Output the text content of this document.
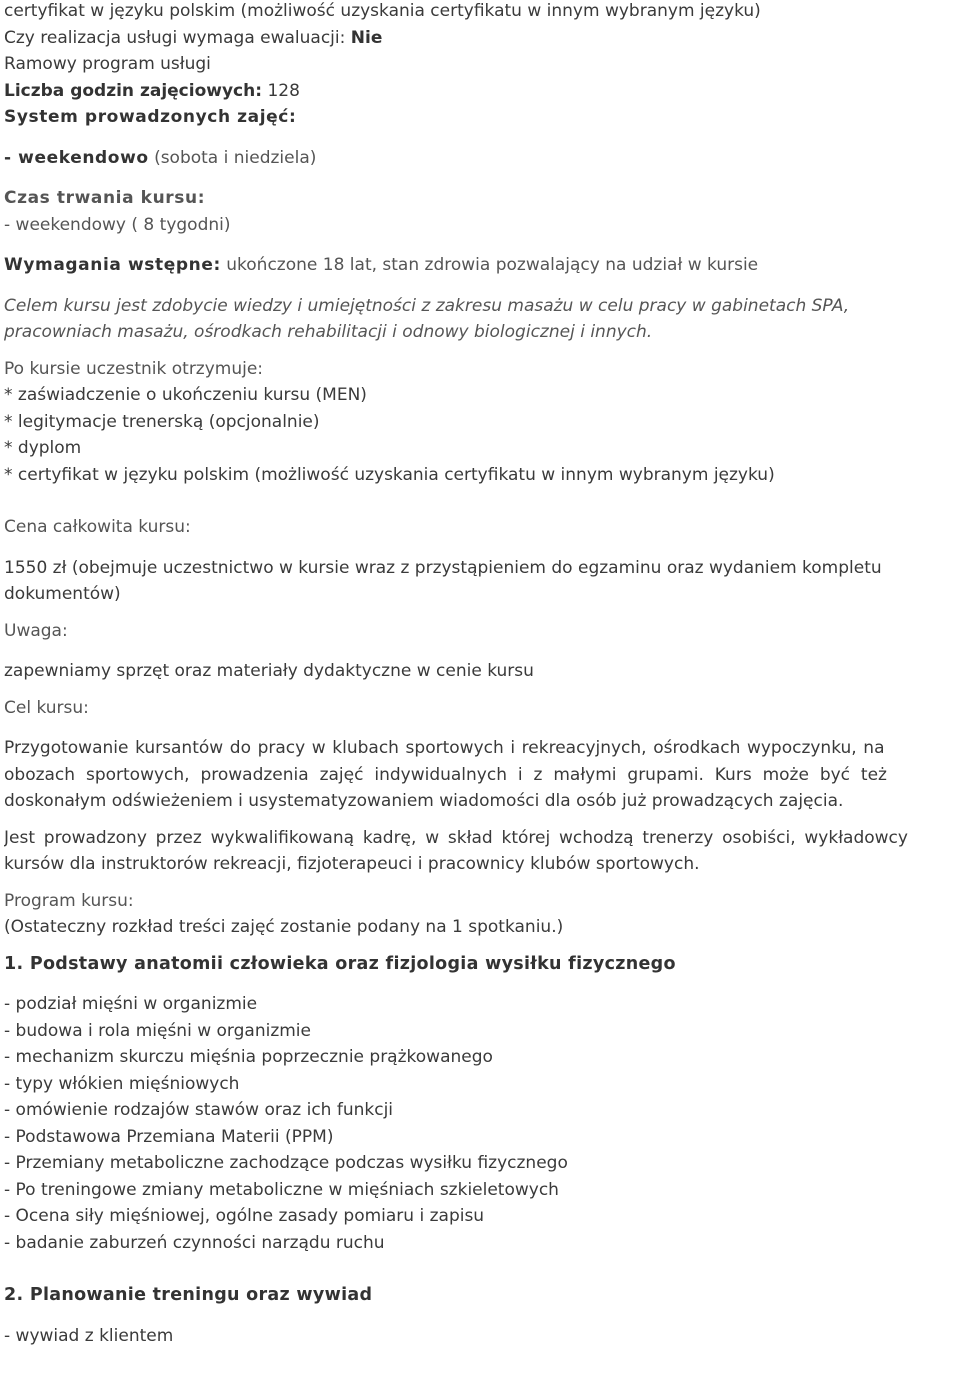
certyfikat w języku polskim (możliwość uzyskania certyfikatu w innym wybranym języku)
Czy realizacja usługi wymaga ewaluacji: Nie
Ramowy program usługi
Liczba godzin zajęciowych: 128
System prowadzonych zajęć:
- weekendowo (sobota i niedziela)
Czas trwania kursu:
- weekendowy ( 8 tygodni)
Wymagania wstępne: ukończone 18 lat, stan zdrowia pozwalający na udział w kursie
Celem kursu jest zdobycie wiedzy i umiejętności z zakresu masażu w celu pracy w gabinetach SPA,
pracowniach masażu, ośrodkach rehabilitacji i odnowy biologicznej i innych.
Po kursie uczestnik otrzymuje:
* zaświadczenie o ukończeniu kursu (MEN)
* legitymacje trenerską (opcjonalnie)
* dyplom
* certyfikat w języku polskim (możliwość uzyskania certyfikatu w innym wybranym języku)
Cena całkowita kursu:
1550 zł (obejmuje uczestnictwo w kursie wraz z przystąpieniem do egzaminu oraz wydaniem kompletu
dokumentów)
Uwaga:
zapewniamy sprzęt oraz materiały dydaktyczne w cenie kursu
Cel kursu:
Przygotowanie kursantów do pracy w klubach sportowych i rekreacyjnych, ośrodkach wypoczynku, na
obozach sportowych, prowadzenia zajęć indywidualnych i z małymi grupami. Kurs może być też
doskonałym odświeżeniem i usystematyzowaniem wiadomości dla osób już prowadzących zajęcia.
Jest prowadzony przez wykwalifikowaną kadrę, w skład której wchodzą trenerzy osobiści, wykładowcy
kursów dla instruktorów rekreacji, fizjoterapeuci i pracownicy klubów sportowych.
Program kursu:
(Ostateczny rozkład treści zajęć zostanie podany na 1 spotkaniu.)
1. Podstawy anatomii człowieka oraz fizjologia wysiłku fizycznego
- podział mięśni w organizmie
- budowa i rola mięśni w organizmie
- mechanizm skurczu mięśnia poprzecznie prążkowanego
- typy włókien mięśniowych
- omówienie rodzajów stawów oraz ich funkcji
- Podstawowa Przemiana Materii (PPM)
- Przemiany metaboliczne zachodzące podczas wysiłku fizycznego
- Po treningowe zmiany metaboliczne w mięśniach szkieletowych
- Ocena siły mięśniowej, ogólne zasady pomiaru i zapisu
- badanie zaburzeń czynności narządu ruchu
2. Planowanie treningu oraz wywiad
- wywiad z klientem
